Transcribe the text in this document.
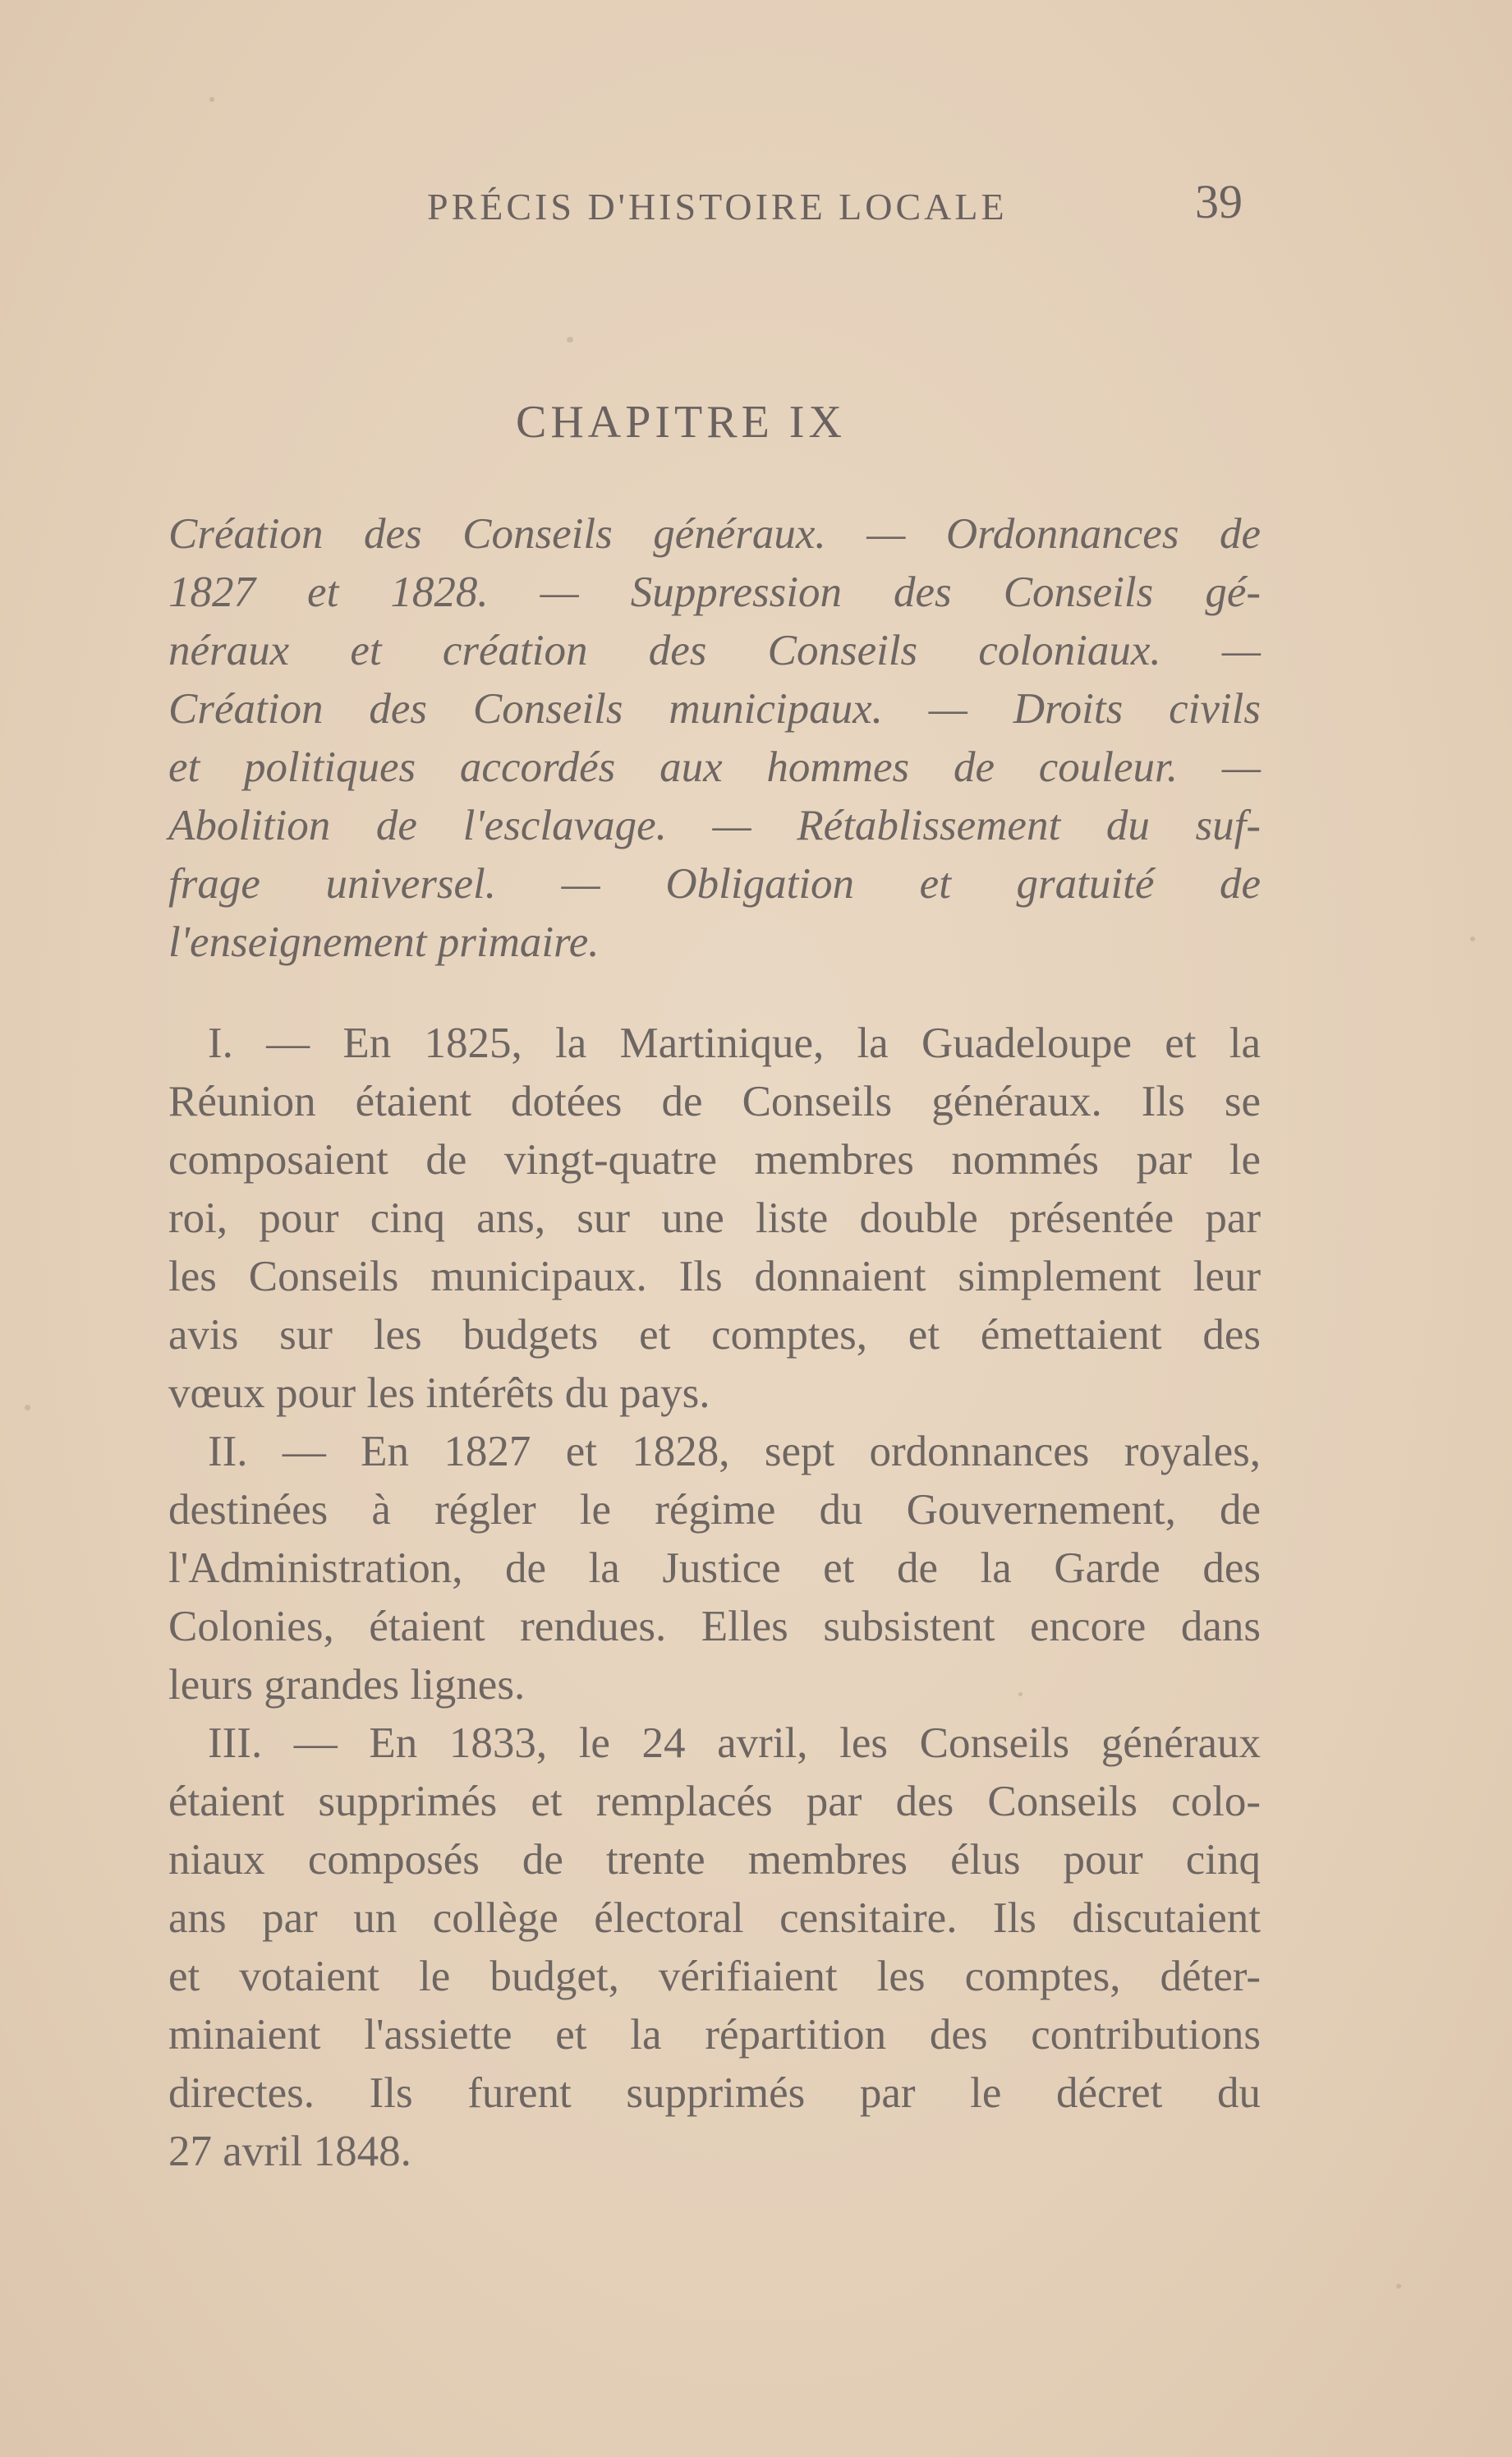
PRÉCIS D'HISTOIRE LOCALE	39
CHAPITRE IX
Création des Conseils généraux. — Ordonnances de
1827 et 1828. — Suppression des Conseils gé-
néraux et création des Conseils coloniaux. —
Création des Conseils municipaux. — Droits civils
et politiques accordés aux hommes de couleur. —
Abolition de l'esclavage. — Rétablissement du suf-
frage universel. — Obligation et gratuité de
l'enseignement primaire.
I. — En 1825, la Martinique, la Guadeloupe et la
Réunion étaient dotées de Conseils généraux. Ils se
composaient de vingt-quatre membres nommés par le
roi, pour cinq ans, sur une liste double présentée par
les Conseils municipaux. Ils donnaient simplement leur
avis sur les budgets et comptes, et émettaient des
vœux pour les intérêts du pays.
II. — En 1827 et 1828, sept ordonnances royales,
destinées à régler le régime du Gouvernement, de
l'Administration, de la Justice et de la Garde des
Colonies, étaient rendues. Elles subsistent encore dans
leurs grandes lignes.
III. — En 1833, le 24 avril, les Conseils généraux
étaient supprimés et remplacés par des Conseils colo-
niaux composés de trente membres élus pour cinq
ans par un collège électoral censitaire. Ils discutaient
et votaient le budget, vérifiaient les comptes, déter-
minaient l'assiette et la répartition des contributions
directes. Ils furent supprimés par le décret du
27 avril 1848.
